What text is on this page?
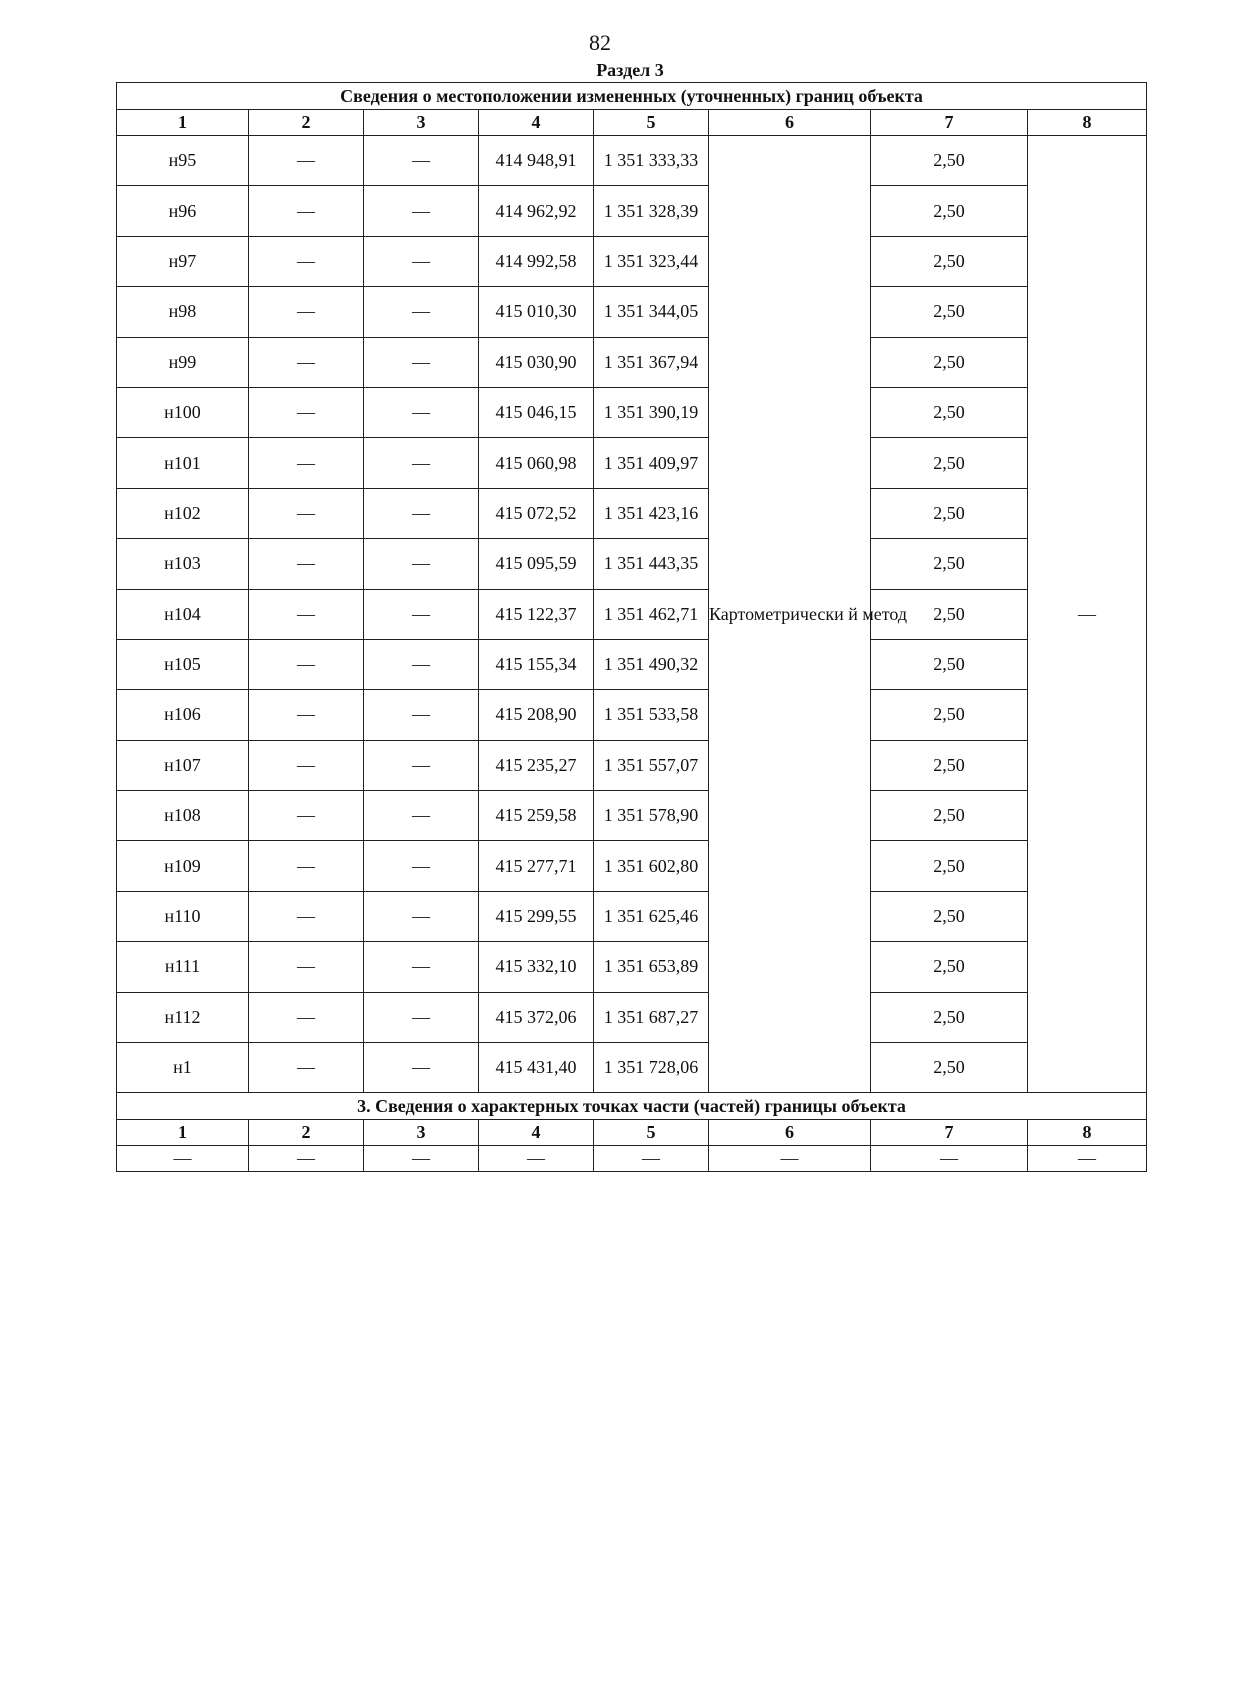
82
Раздел 3
Сведения о местоположении измененных (уточненных) границ объекта							
1	2	3	4	5	6	7	8
н95	—	—	414 948,91	1 351 333,33	Картометрически й метод	2,50	—
н96	—	—	414 962,92	1 351 328,39		2,50	
н97	—	—	414 992,58	1 351 323,44		2,50	
н98	—	—	415 010,30	1 351 344,05		2,50	
н99	—	—	415 030,90	1 351 367,94		2,50	
н100	—	—	415 046,15	1 351 390,19		2,50	
н101	—	—	415 060,98	1 351 409,97		2,50	
н102	—	—	415 072,52	1 351 423,16		2,50	
н103	—	—	415 095,59	1 351 443,35		2,50	
н104	—	—	415 122,37	1 351 462,71		2,50	
н105	—	—	415 155,34	1 351 490,32		2,50	
н106	—	—	415 208,90	1 351 533,58		2,50	
н107	—	—	415 235,27	1 351 557,07		2,50	
н108	—	—	415 259,58	1 351 578,90		2,50	
н109	—	—	415 277,71	1 351 602,80		2,50	
н110	—	—	415 299,55	1 351 625,46		2,50	
н111	—	—	415 332,10	1 351 653,89		2,50	
н112	—	—	415 372,06	1 351 687,27		2,50	
н1	—	—	415 431,40	1 351 728,06		2,50	
3. Сведения о характерных точках части (частей) границы объекта							
1	2	3	4	5	6	7	8
—	—	—	—	—	—	—	—
